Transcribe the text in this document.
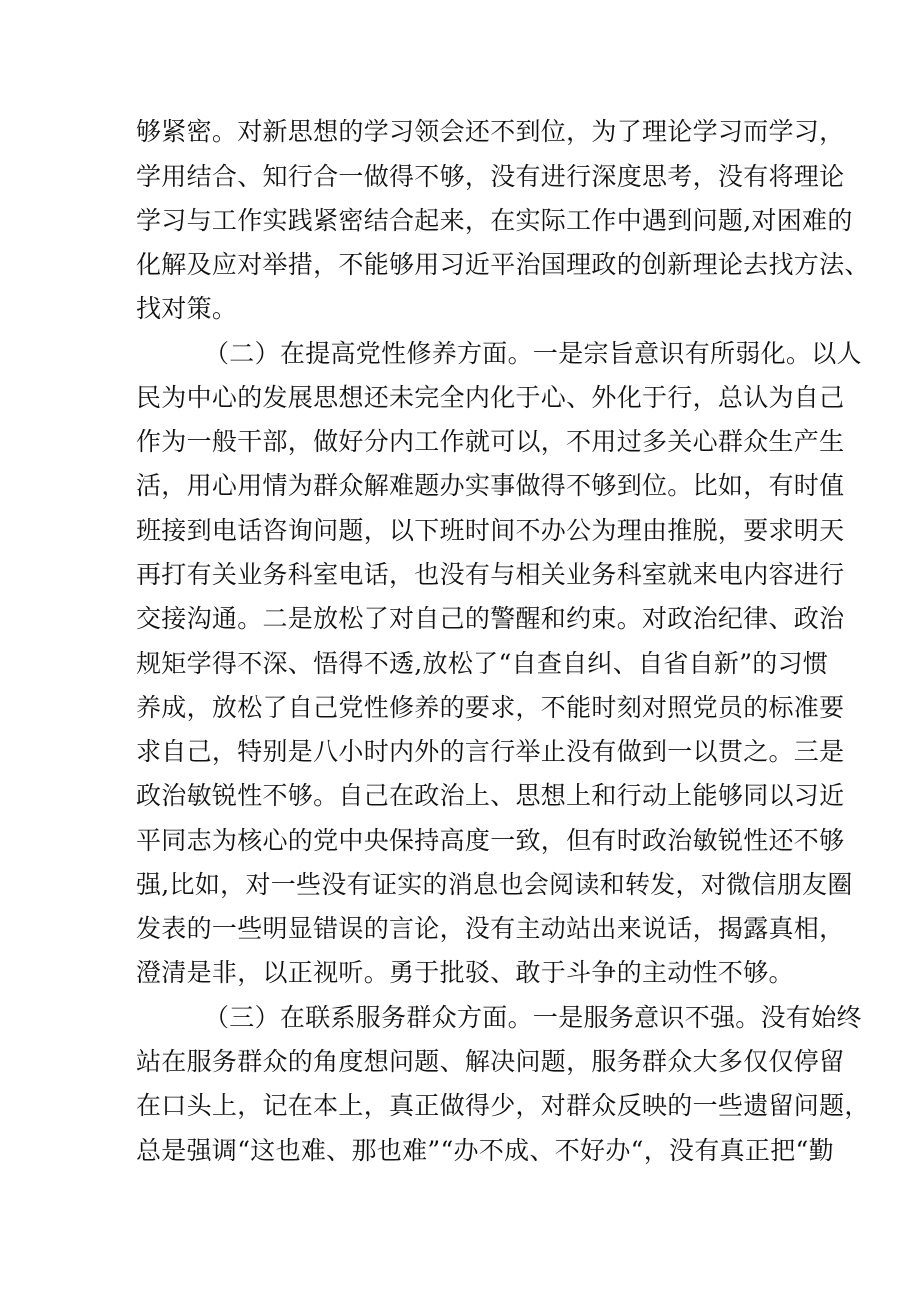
够紧密。对新思想的学习领会还不到位，为了理论学习而学习，
学用结合、知行合一做得不够，没有进行深度思考，没有将理论
学习与工作实践紧密结合起来，在实际工作中遇到问题,对困难的
化解及应对举措，不能够用习近平治国理政的创新理论去找方法、
找对策。
（二）在提高党性修养方面。一是宗旨意识有所弱化。以人
民为中心的发展思想还未完全内化于心、外化于行，总认为自己
作为一般干部，做好分内工作就可以，不用过多关心群众生产生
活，用心用情为群众解难题办实事做得不够到位。比如，有时值
班接到电话咨询问题，以下班时间不办公为理由推脱，要求明天
再打有关业务科室电话，也没有与相关业务科室就来电内容进行
交接沟通。二是放松了对自己的警醒和约束。对政治纪律、政治
规矩学得不深、悟得不透,放松了“自查自纠、自省自新”的习惯
养成，放松了自己党性修养的要求，不能时刻对照党员的标准要
求自己，特别是八小时内外的言行举止没有做到一以贯之。三是
政治敏锐性不够。自己在政治上、思想上和行动上能够同以习近
平同志为核心的党中央保持高度一致，但有时政治敏锐性还不够
强,比如，对一些没有证实的消息也会阅读和转发，对微信朋友圈
发表的一些明显错误的言论，没有主动站出来说话，揭露真相，
澄清是非，以正视听。勇于批驳、敢于斗争的主动性不够。
（三）在联系服务群众方面。一是服务意识不强。没有始终
站在服务群众的角度想问题、解决问题，服务群众大多仅仅停留
在口头上，记在本上，真正做得少，对群众反映的一些遗留问题，
总是强调“这也难、那也难”“办不成、不好办“，没有真正把“勤
